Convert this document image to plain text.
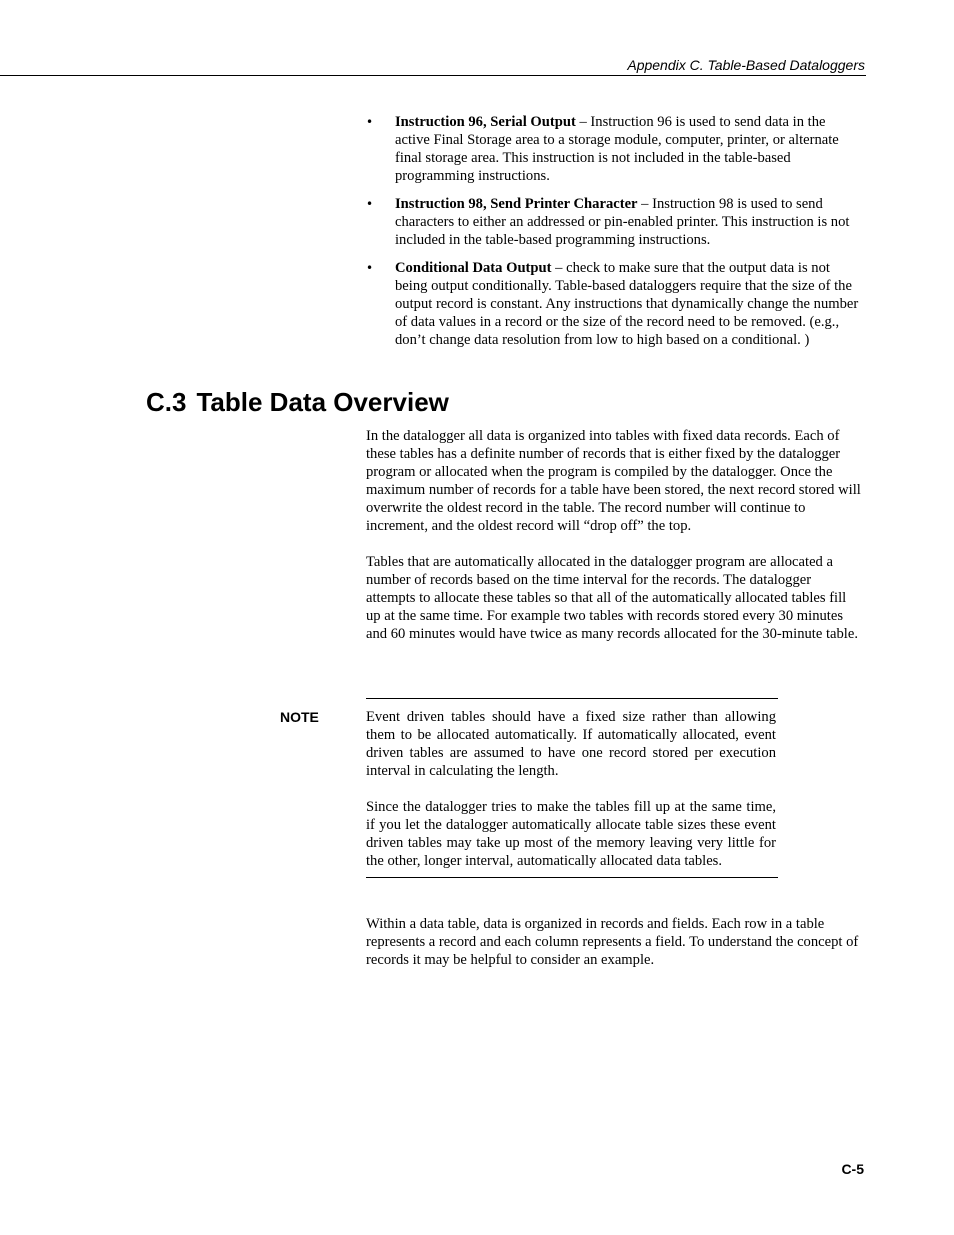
Appendix C. Table-Based Dataloggers
•	Instruction 96, Serial Output – Instruction 96 is used to send data in the active Final Storage area to a storage module, computer, printer, or alternate final storage area. This instruction is not included in the table-based programming instructions.
•	Instruction 98, Send Printer Character – Instruction 98 is used to send characters to either an addressed or pin-enabled printer. This instruction is not included in the table-based programming instructions.
•	Conditional Data Output – check to make sure that the output data is not being output conditionally. Table-based dataloggers require that the size of the output record is constant. Any instructions that dynamically change the number of data values in a record or the size of the record need to be removed. (e.g., don’t change data resolution from low to high based on a conditional. )
C.3 Table Data Overview

In the datalogger all data is organized into tables with fixed data records. Each of these tables has a definite number of records that is either fixed by the datalogger program or allocated when the program is compiled by the datalogger. Once the maximum number of records for a table have been stored, the next record stored will overwrite the oldest record in the table. The record number will continue to increment, and the oldest record will “drop off” the top.

Tables that are automatically allocated in the datalogger program are allocated a number of records based on the time interval for the records. The datalogger attempts to allocate these tables so that all of the automatically allocated tables fill up at the same time. For example two tables with records stored every 30 minutes and 60 minutes would have twice as many records allocated for the 30-minute table.

NOTE	Event driven tables should have a fixed size rather than allowing them to be allocated automatically. If automatically allocated, event driven tables are assumed to have one record stored per execution interval in calculating the length.

Since the datalogger tries to make the tables fill up at the same time, if you let the datalogger automatically allocate table sizes these event driven tables may take up most of the memory leaving very little for the other, longer interval, automatically allocated data tables.

Within a data table, data is organized in records and fields. Each row in a table represents a record and each column represents a field. To understand the concept of records it may be helpful to consider an example.

C-5
